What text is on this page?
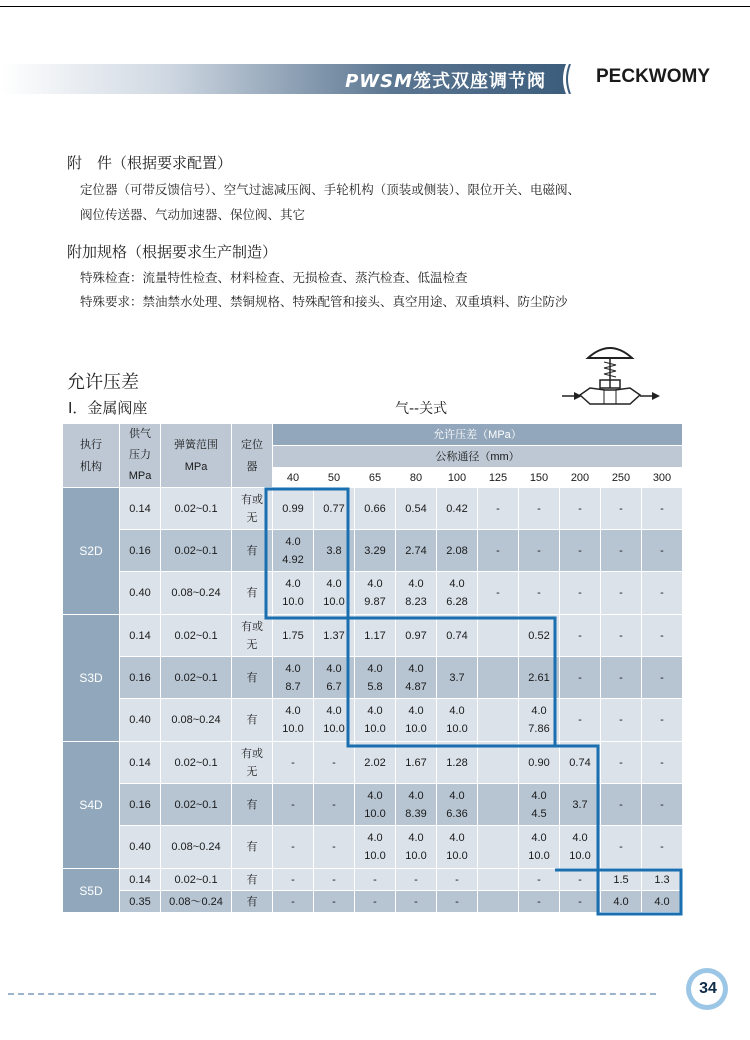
PWSM笼式双座调节阀	PECKWOMY
附　件（根据要求配置）
定位器（可带反馈信号）、空气过滤减压阀、手轮机构（顶装或侧装）、限位开关、电磁阀、
阀位传送器、气动加速器、保位阀、其它
附加规格（根据要求生产制造）
特殊检查：流量特性检查、材料检查、无损检查、蒸汽检查、低温检查
特殊要求：禁油禁水处理、禁铜规格、特殊配管和接头、真空用途、双重填料、防尘防沙
允许压差
I．金属阀座	气--关式
执行机构	供气压力MPa	弹簧范围MPa	定位器	允许压差（MPa）									
				公称通径（mm）									
				40	50	65	80	100	125	150	200	250	300
S2D	0.14	0.02~0.1	有或无	0.99	0.77	0.66	0.54	0.42	-	-	-	-	-
	0.16	0.02~0.1	有	4.0 4.92	3.8	3.29	2.74	2.08	-	-	-	-	-
	0.40	0.08~0.24	有	4.0 10.0	4.0 10.0	4.0 9.87	4.0 8.23	4.0 6.28	-	-	-	-	-
S3D	0.14	0.02~0.1	有或无	1.75	1.37	1.17	0.97	0.74		0.52	-	-	-
	0.16	0.02~0.1	有	4.0 8.7	4.0 6.7	4.0 5.8	4.0 4.87	3.7		2.61	-	-	-
	0.40	0.08~0.24	有	4.0 10.0	4.0 10.0	4.0 10.0	4.0 10.0	4.0 10.0		4.0 7.86	-	-	-
S4D	0.14	0.02~0.1	有或无	-	-	2.02	1.67	1.28		0.90	0.74	-	-
	0.16	0.02~0.1	有	-	-	4.0 10.0	4.0 8.39	4.0 6.36		4.0 4.5	3.7	-	-
	0.40	0.08~0.24	有	-	-	4.0 10.0	4.0 10.0	4.0 10.0		4.0 10.0	4.0 10.0	-	-
S5D	0.14	0.02~0.1	有	-	-	-	-	-		-	-	1.5	1.3
	0.35	0.08～0.24	有	-	-	-	-	-		-	-	4.0	4.0
34
